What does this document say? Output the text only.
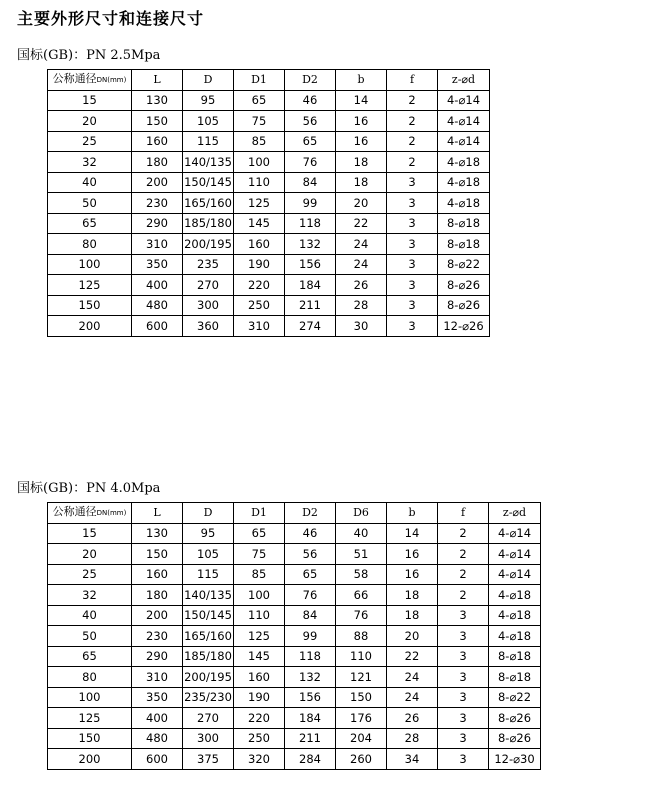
主要外形尺寸和连接尺寸
国标(GB)：PN 2.5Mpa
公称通径DN(mm)	L	D	D1	D2	b	f	z-⌀d
15	130	95	65	46	14	2	4-⌀14
20	150	105	75	56	16	2	4-⌀14
25	160	115	85	65	16	2	4-⌀14
32	180	140/135	100	76	18	2	4-⌀18
40	200	150/145	110	84	18	3	4-⌀18
50	230	165/160	125	99	20	3	4-⌀18
65	290	185/180	145	118	22	3	8-⌀18
80	310	200/195	160	132	24	3	8-⌀18
100	350	235	190	156	24	3	8-⌀22
125	400	270	220	184	26	3	8-⌀26
150	480	300	250	211	28	3	8-⌀26
200	600	360	310	274	30	3	12-⌀26
国标(GB)：PN 4.0Mpa
公称通径DN(mm)	L	D	D1	D2	D6	b	f	z-⌀d
15	130	95	65	46	40	14	2	4-⌀14
20	150	105	75	56	51	16	2	4-⌀14
25	160	115	85	65	58	16	2	4-⌀14
32	180	140/135	100	76	66	18	2	4-⌀18
40	200	150/145	110	84	76	18	3	4-⌀18
50	230	165/160	125	99	88	20	3	4-⌀18
65	290	185/180	145	118	110	22	3	8-⌀18
80	310	200/195	160	132	121	24	3	8-⌀18
100	350	235/230	190	156	150	24	3	8-⌀22
125	400	270	220	184	176	26	3	8-⌀26
150	480	300	250	211	204	28	3	8-⌀26
200	600	375	320	284	260	34	3	12-⌀30
